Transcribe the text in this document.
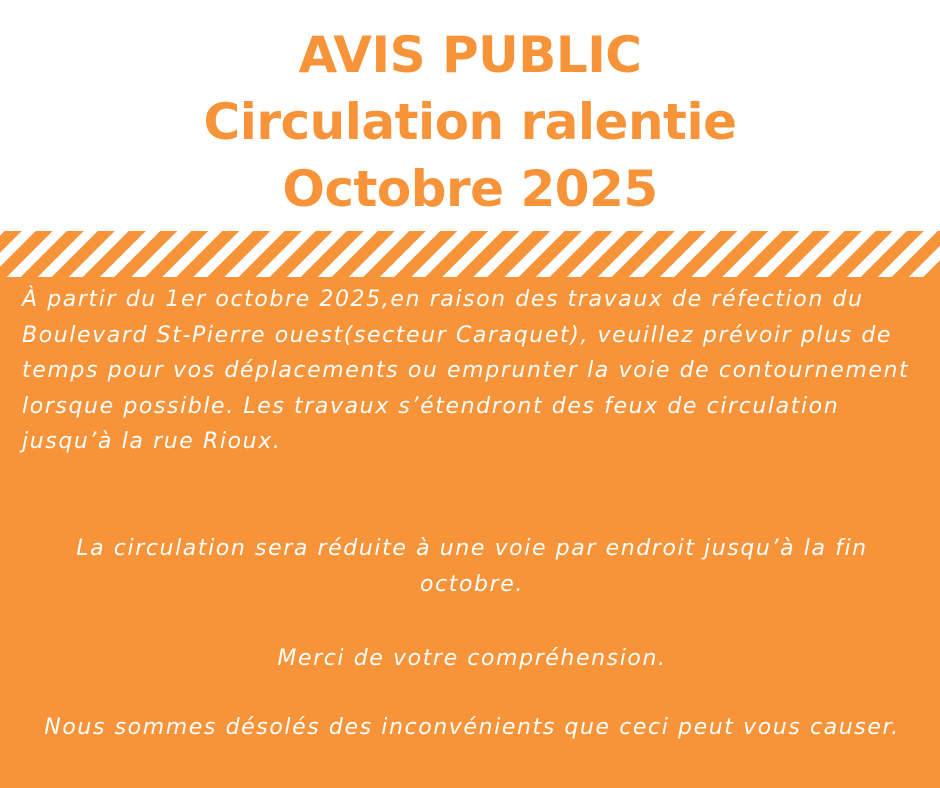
AVIS PUBLIC
Circulation ralentie
Octobre 2025

À partir du 1er octobre 2025,en raison des travaux de réfection du Boulevard St-Pierre ouest(secteur Caraquet), veuillez prévoir plus de temps pour vos déplacements ou emprunter la voie de contournement lorsque possible. Les travaux s’étendront des feux de circulation jusqu’à la rue Rioux.

La circulation sera réduite à une voie par endroit jusqu’à la fin octobre.

Merci de votre compréhension.

Nous sommes désolés des inconvénients que ceci peut vous causer.
